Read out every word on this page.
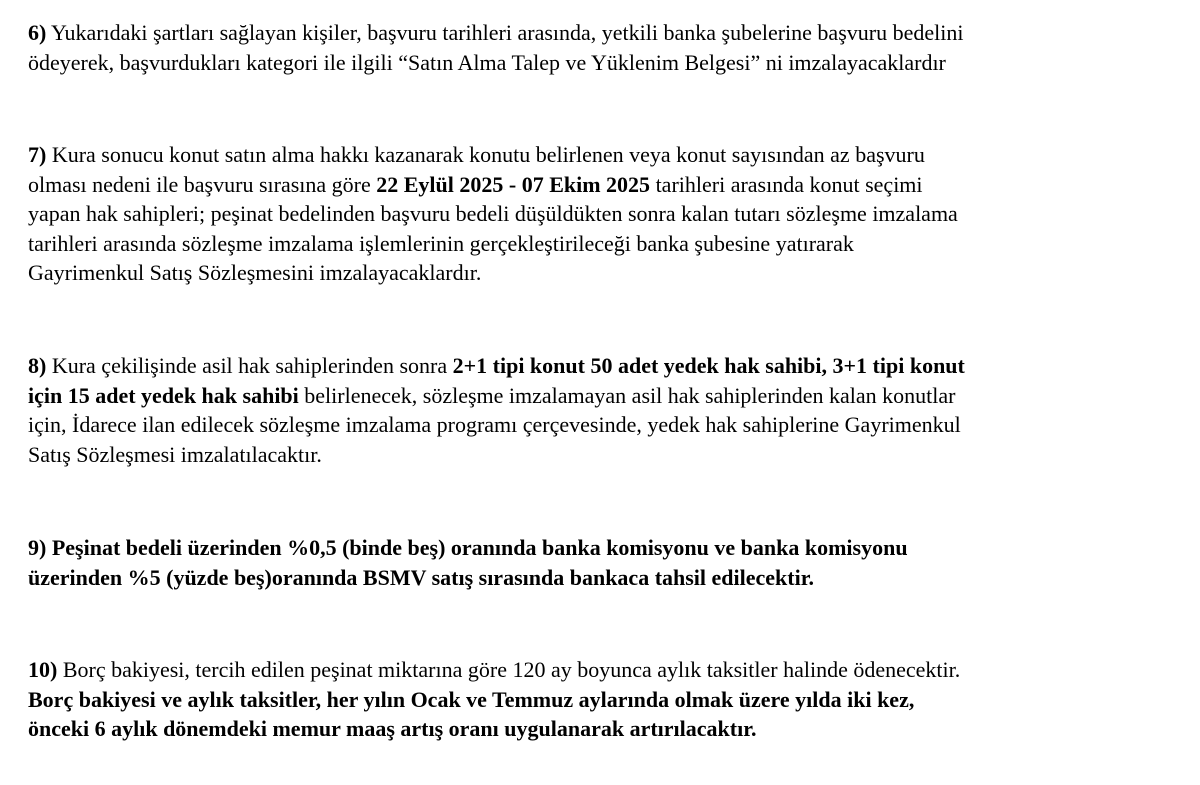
6) Yukarıdaki şartları sağlayan kişiler, başvuru tarihleri arasında, yetkili banka şubelerine başvuru bedelini
ödeyerek, başvurdukları kategori ile ilgili “Satın Alma Talep ve Yüklenim Belgesi” ni imzalayacaklardır

7) Kura sonucu konut satın alma hakkı kazanarak konutu belirlenen veya konut sayısından az başvuru
olması nedeni ile başvuru sırasına göre 22 Eylül 2025 - 07 Ekim 2025 tarihleri arasında konut seçimi
yapan hak sahipleri; peşinat bedelinden başvuru bedeli düşüldükten sonra kalan tutarı sözleşme imzalama
tarihleri arasında sözleşme imzalama işlemlerinin gerçekleştirileceği banka şubesine yatırarak
Gayrimenkul Satış Sözleşmesini imzalayacaklardır.

8) Kura çekilişinde asil hak sahiplerinden sonra 2+1 tipi konut 50 adet yedek hak sahibi, 3+1 tipi konut
için 15 adet yedek hak sahibi belirlenecek, sözleşme imzalamayan asil hak sahiplerinden kalan konutlar
için, İdarece ilan edilecek sözleşme imzalama programı çerçevesinde, yedek hak sahiplerine Gayrimenkul
Satış Sözleşmesi imzalatılacaktır.

9) Peşinat bedeli üzerinden %0,5 (binde beş) oranında banka komisyonu ve banka komisyonu
üzerinden %5 (yüzde beş)oranında BSMV satış sırasında bankaca tahsil edilecektir.

10) Borç bakiyesi, tercih edilen peşinat miktarına göre 120 ay boyunca aylık taksitler halinde ödenecektir.
Borç bakiyesi ve aylık taksitler, her yılın Ocak ve Temmuz aylarında olmak üzere yılda iki kez,
önceki 6 aylık dönemdeki memur maaş artış oranı uygulanarak artırılacaktır.
